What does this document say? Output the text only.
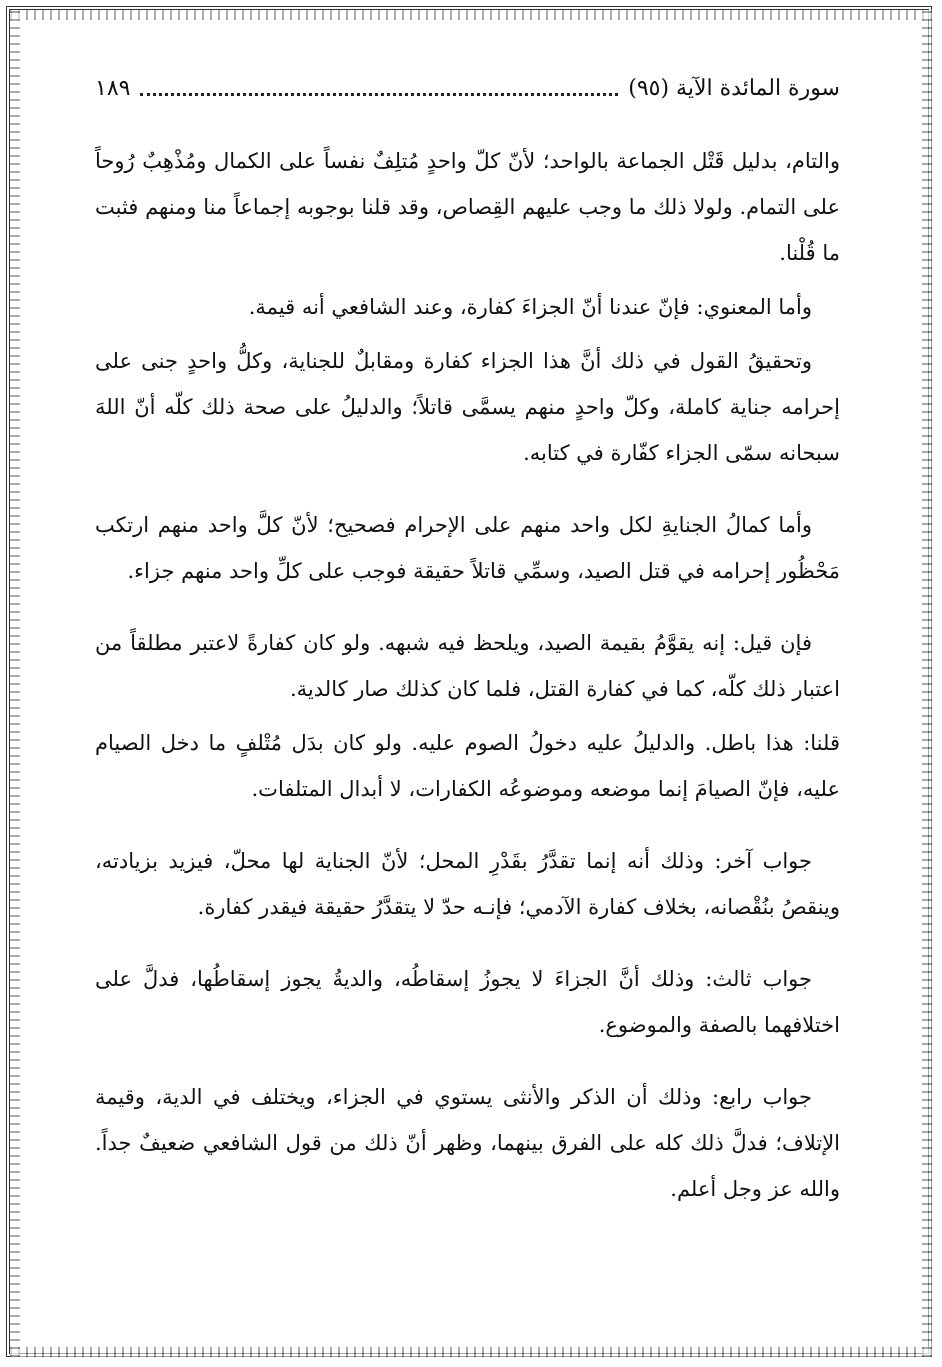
سورة المائدة الآية (٩٥)
١٨٩

والتام، بدليل قَتْل الجماعة بالواحد؛ لأنّ كلّ واحدٍ مُتلِفٌ نفساً على الكمال ومُذْهِبٌ رُوحاً على التمام. ولولا ذلك ما وجب عليهم القِصاص، وقد قلنا بوجوبه إجماعاً منا ومنهم فثبت ما قُلْنا.

وأما المعنوي: فإنّ عندنا أنّ الجزاءَ كفارة، وعند الشافعي أنه قيمة.

وتحقيقُ القول في ذلك أنَّ هذا الجزاء كفارة ومقابلٌ للجناية، وكلُّ واحدٍ جنى على إحرامه جناية كاملة، وكلّ واحدٍ منهم يسمَّى قاتلاً؛ والدليلُ على صحة ذلك كلّه أنّ اللهَ سبحانه سمّى الجزاء كفّارة في كتابه.

وأما كمالُ الجنايةِ لكل واحد منهم على الإحرام فصحيح؛ لأنّ كلَّ واحد منهم ارتكب مَحْظُور إحرامه في قتل الصيد، وسمِّي قاتلاً حقيقة فوجب على كلِّ واحد منهم جزاء.

فإن قيل: إنه يقوَّمُ بقيمة الصيد، ويلحظ فيه شبهه. ولو كان كفارةً لاعتبر مطلقاً من اعتبار ذلك كلّه، كما في كفارة القتل، فلما كان كذلك صار كالدية.

قلنا: هذا باطل. والدليلُ عليه دخولُ الصوم عليه. ولو كان بدَل مُتْلفٍ ما دخل الصيام عليه، فإنّ الصيامَ إنما موضعه وموضوعُه الكفارات، لا أبدال المتلفات.

جواب آخر: وذلك أنه إنما تقدَّرُ بقَدْرِ المحل؛ لأنّ الجناية لها محلّ، فيزيد بزيادته، وينقصُ بنُقْصانه، بخلاف كفارة الآدمي؛ فإنـه حدّ لا يتقدَّرُ حقيقة فيقدر كفارة.

جواب ثالث: وذلك أنَّ الجزاءَ لا يجوزُ إسقاطُه، والديةُ يجوز إسقاطُها، فدلَّ على اختلافهما بالصفة والموضوع.

جواب رابع: وذلك أن الذكر والأنثى يستوي في الجزاء، ويختلف في الدية، وقيمة الإتلاف؛ فدلَّ ذلك كله على الفرق بينهما، وظهر أنّ ذلك من قول الشافعي ضعيفٌ جداً. والله عز وجل أعلم.
